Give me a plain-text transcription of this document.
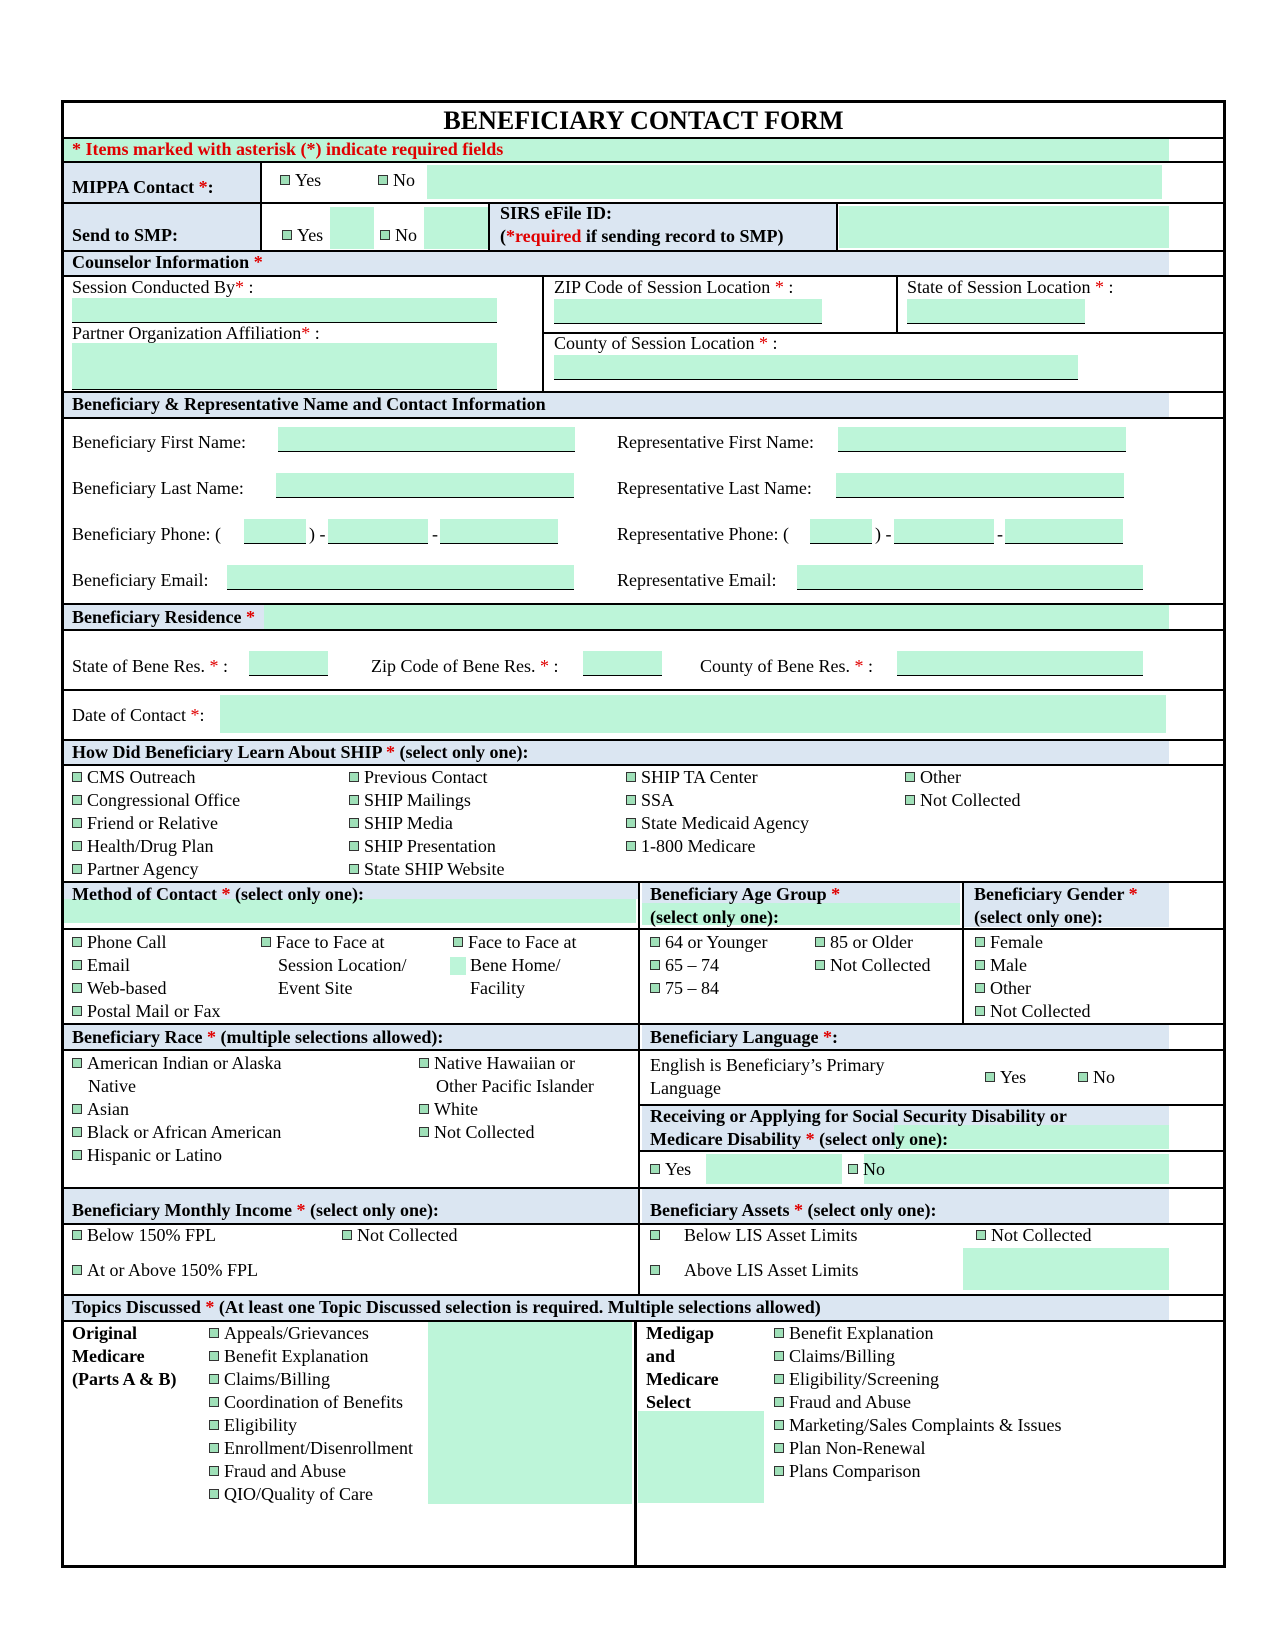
BENEFICIARY CONTACT FORM
* Items marked with asterisk (*) indicate required fields
MIPPA Contact *:	Yes	No
Send to SMP:	Yes	No
SIRS eFile ID:
(*required if sending record to SMP)
Counselor Information *
Session Conducted By* :
Partner Organization Affiliation* :
ZIP Code of Session Location * :	State of Session Location * :
County of Session Location * :
Beneficiary & Representative Name and Contact Information
Beneficiary First Name:	Representative First Name:
Beneficiary Last Name:	Representative Last Name:
Beneficiary Phone: (	) -	-	Representative Phone: (	) -	-
Beneficiary Email:	Representative Email:
Beneficiary Residence *
State of Bene Res. * :	Zip Code of Bene Res. * :	County of Bene Res. * :
Date of Contact *:
How Did Beneficiary Learn About SHIP * (select only one):
CMS Outreach
Congressional Office
Friend or Relative
Health/Drug Plan
Partner Agency
Previous Contact
SHIP Mailings
SHIP Media
SHIP Presentation
State SHIP Website
SHIP TA Center
SSA
State Medicaid Agency
1-800 Medicare
Other
Not Collected
Method of Contact * (select only one):	Beneficiary Age Group *
(select only one):
Beneficiary Gender *
(select only one):
Phone Call
Email
Web-based
Postal Mail or Fax
Face to Face at
Session Location/
Event Site
Face to Face at
Bene Home/
Facility
64 or Younger
65 – 74
75 – 84
85 or Older
Not Collected
Female
Male
Other
Not Collected
Beneficiary Race * (multiple selections allowed):	Beneficiary Language *:
American Indian or Alaska
Native
Asian
Black or African American
Hispanic or Latino
Native Hawaiian or
Other Pacific Islander
White
Not Collected
English is Beneficiary’s Primary
Language
Yes	No
Receiving or Applying for Social Security Disability or
Medicare Disability * (select only one):
Yes	No
Beneficiary Monthly Income * (select only one):	Beneficiary Assets * (select only one):
Below 150% FPL	Not Collected
At or Above 150% FPL
Below LIS Asset Limits	Not Collected
Above LIS Asset Limits
Topics Discussed * (At least one Topic Discussed selection is required. Multiple selections allowed)
Original
Medicare
(Parts A & B)
Appeals/Grievances
Benefit Explanation
Claims/Billing
Coordination of Benefits
Eligibility
Enrollment/Disenrollment
Fraud and Abuse
QIO/Quality of Care
Medigap
and
Medicare
Select
Benefit Explanation
Claims/Billing
Eligibility/Screening
Fraud and Abuse
Marketing/Sales Complaints & Issues
Plan Non-Renewal
Plans Comparison
